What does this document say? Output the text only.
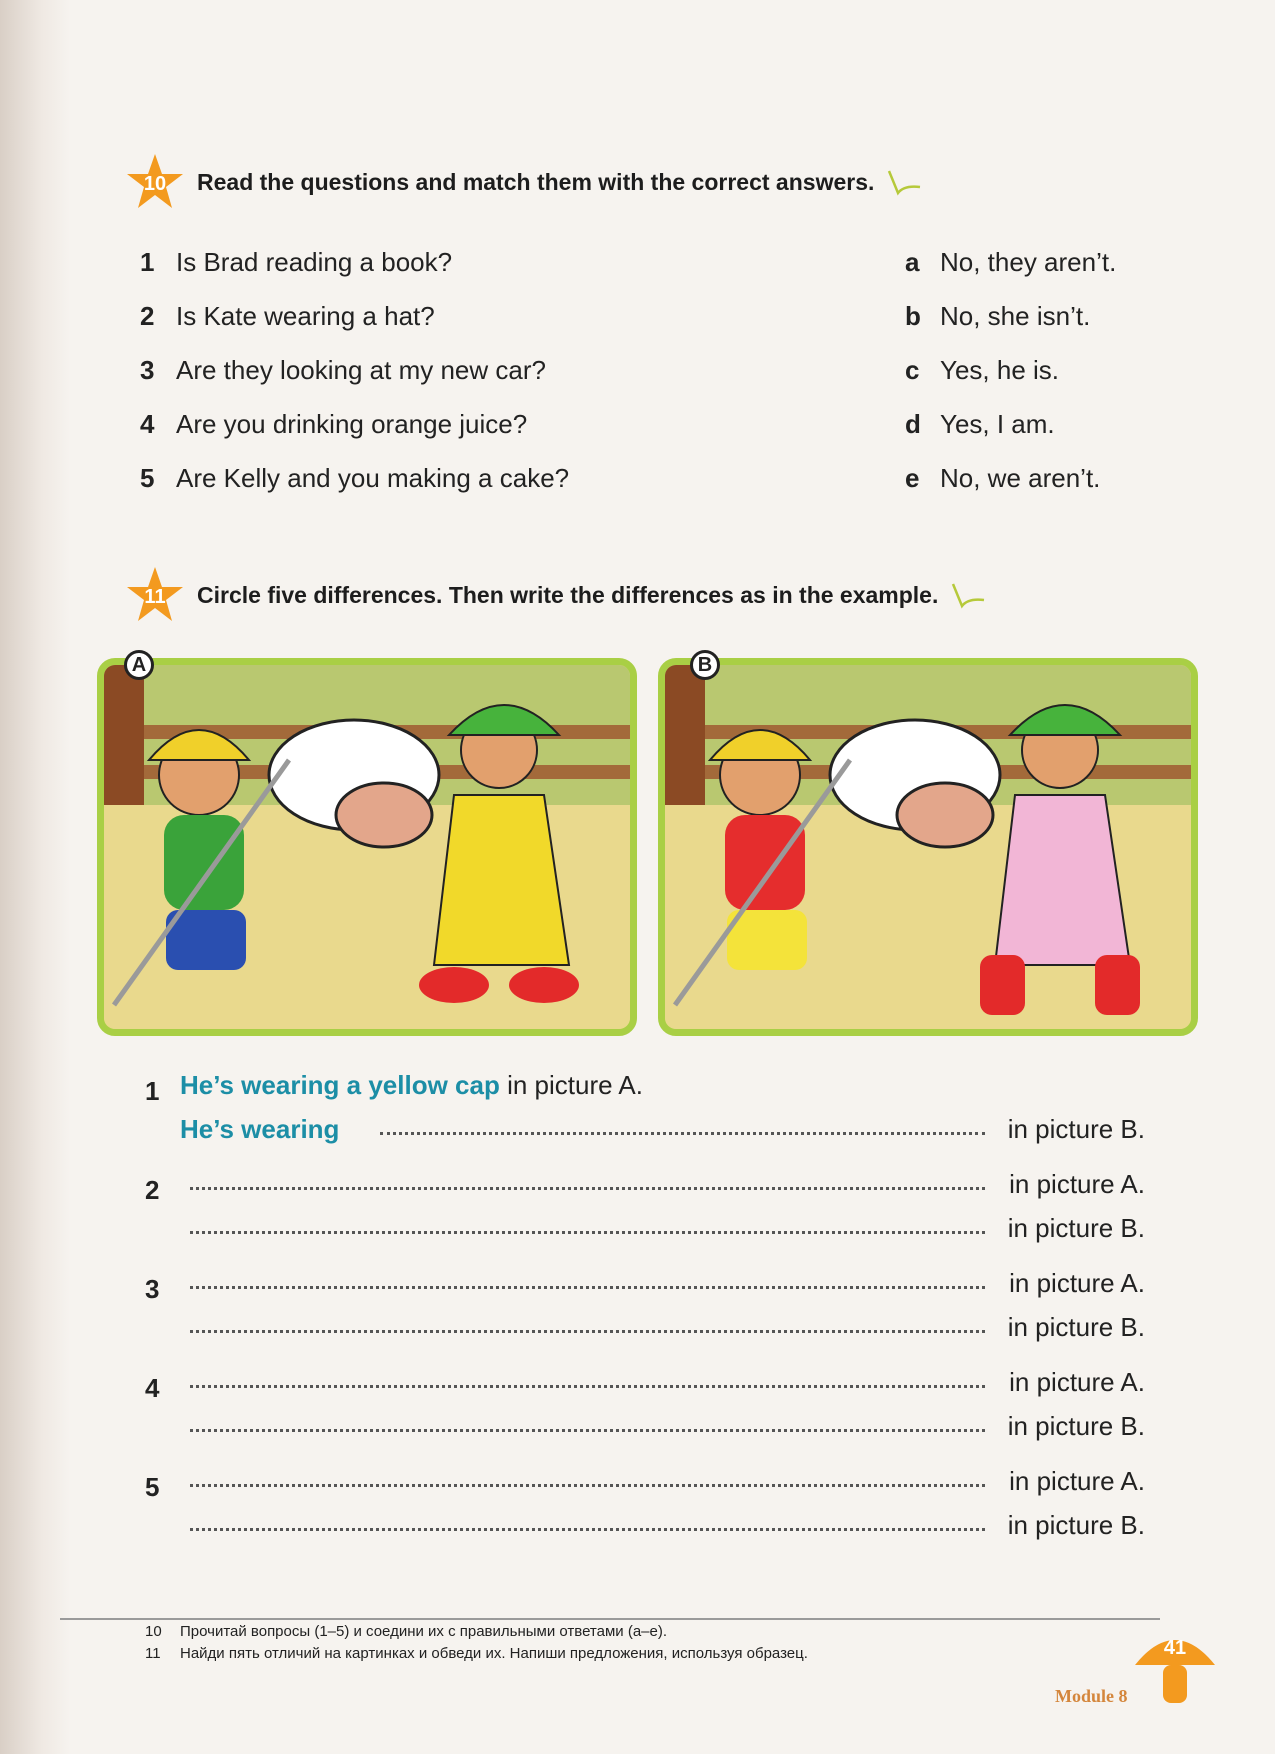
10	Read the questions and match them with the correct answers.
1 Is Brad reading a book?	a No, they aren’t.
2 Is Kate wearing a hat?	b No, she isn’t.
3 Are they looking at my new car?	c Yes, he is.
4 Are you drinking orange juice?	d Yes, I am.
5 Are Kelly and you making a cake?	e No, we aren’t.
11	Circle five differences. Then write the differences as in the example.
A	B
1 He’s wearing a yellow cap in picture A.
He’s wearing	in picture B.
2	in picture A.
in picture B.
3	in picture A.
in picture B.
4	in picture A.
in picture B.
5	in picture A.
in picture B.
10 Прочитай вопросы (1–5) и соедини их с правильными ответами (a–e).
11 Найди пять отличий на картинках и обведи их. Напиши предложения, используя образец.	41
Module 8
